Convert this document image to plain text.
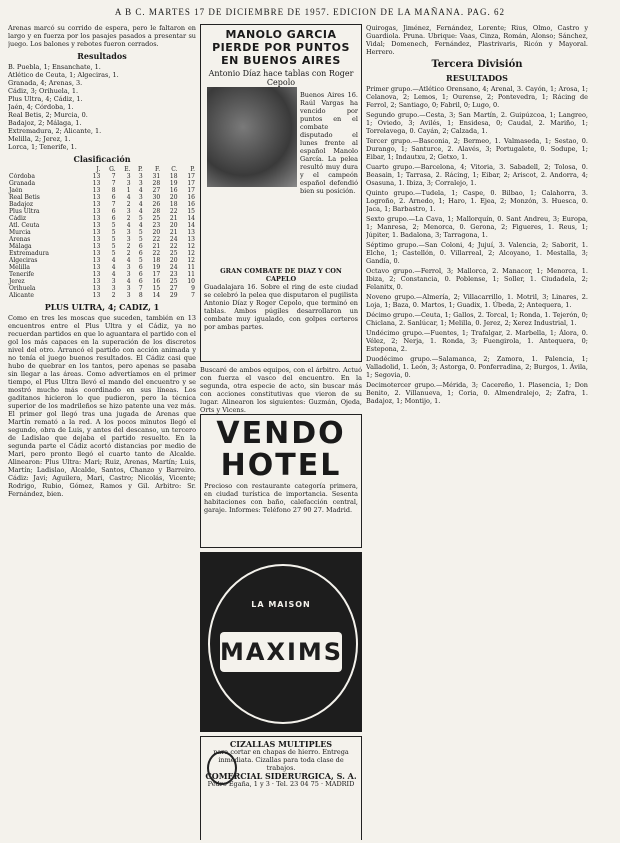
A B C. MARTES 17 DE DICIEMBRE DE 1957. EDICION DE LA MAÑANA. PAG. 62

Arenas marcó su corrido de espera, pero le faltaron en largo y en fuerza por los pasajes pasados a presentar su juego. Los balones y rebotes fueron cerrados.

Resultados
B. Puebla, 1; Ensanchate, 1.
Atlético de Ceuta, 1; Algeciras, 1.
Granada, 4; Arenas, 3.
Cádiz, 3; Orihuela, 1.
Plus Ultra, 4; Cádiz, 1.
Jaén, 4; Córdoba, 1.
Real Betis, 2; Murcia, 0.
Badajoz, 2; Málaga, 1.
Extremadura, 2; Alicante, 1.
Melilla, 2; Jerez, 1.
Lorca, 1; Tenerife, 1.
Clasificación
	J.	G.	E.	P.	F.	C.	P.
Córdoba	13	7	3	3	31	18	17
Granada	13	7	3	3	28	19	17
Jaén	13	8	1	4	27	16	17
Real Betis	13	6	4	3	30	20	16
Badajoz	13	7	2	4	26	18	16
Plus Ultra	13	6	3	4	28	22	15
Cádiz	13	6	2	5	25	21	14
Atl. Ceuta	13	5	4	4	23	20	14
Murcia	13	5	3	5	20	21	13
Arenas	13	5	3	5	22	24	13
Málaga	13	5	2	6	21	22	12
Extremadura	13	5	2	6	22	25	12
Algeciras	13	4	4	5	18	20	12
Melilla	13	4	3	6	19	24	11
Tenerife	13	4	3	6	17	23	11
Jerez	13	3	4	6	16	25	10
Orihuela	13	3	3	7	15	27	9
Alicante	13	2	3	8	14	29	7
PLUS ULTRA, 4; CADIZ, 1

Como en tres les moscas que suceden, también en 13 encuentros entre el Plus Ultra y el Cádiz, ya no recuerdan partidos en que lo aguantara el partido con el gol los más capaces en la superación de los discretos nivel del otro. Arrancó el partido con acción animada y no tenía el juego buenos resultados. El Cádiz casi que hubo de quebrar en los tantos, pero apenas se pasaba sin llegar a las áreas. Como advertíamos en el primer tiempo, el Plus Ultra llevó el mando del encuentro y se mostró mucho más coordinado en sus líneas. Los gaditanos hicieron lo que pudieron, pero la técnica superior de los madrileños se hizo patente una vez más. El primer gol llegó tras una jugada de Arenas que Martín remató a la red. A los pocos minutos llegó el segundo, obra de Luis, y antes del descanso, un tercero de Ladislao que dejaba el partido resuelto. En la segunda parte el Cádiz acortó distancias por medio de Mari, pero pronto llegó el cuarto tanto de Alcalde. Alinearon: Plus Ultra: Mari; Ruiz, Arenas, Martín; Luis, Martín; Ladislao, Alcalde, Santos, Chanzo y Barreiro. Cádiz: Javi; Aguilera, Mari, Castro; Nicolás, Vicente; Rodrigo, Rubio, Gómez, Ramos y Gil. Arbitro: Sr. Fernández, bien.

MANOLO GARCIA PIERDE POR PUNTOS EN BUENOS AIRES
Antonio Díaz hace tablas con Roger Cepolo

Buenos Aires 16. Raúl Vargas ha vencido por puntos en el combate disputado el lunes frente al español Manolo García. La pelea resultó muy dura y el campeón español defendió bien su posición.

GRAN COMBATE DE DIAZ Y CON CAPELO

Guadalajara 16. Sobre el ring de este ciudad se celebró la pelea que disputaron el pugilista Antonio Díaz y Roger Cepolo, que terminó en tablas. Ambos púgiles desarrollaron un combate muy igualado, con golpes certeros por ambas partes.

Buscaré de ambos equipos, con el árbitro. Actuó con fuerza el vasco del encuentro. En la segunda, otra especie de acto, sin buscar más con acciones constitutivas que vieron de su lugar. Alinearon los siguientes: Guzmán, Ojeda, Orts y Vicens.

VENDO HOTEL

Precioso con restaurante categoría primera, en ciudad turística de importancia. Sesenta habitaciones con baño, calefacción central, garaje. Informes: Teléfono 27 90 27. Madrid.

LA MAISON
MAXIMS
CIZALLAS MULTIPLES
para cortar en chapas de hierro. Entrega inmediata. Cizallas para toda clase de trabajos.
COMERCIAL SIDERURGICA, S. A.
Pedro Egaña, 1 y 3 · Tel. 23 04 75 · MADRID

Quirogas, Jiménez, Fernández, Lorente; Rius, Olmo, Castro y Guardiola. Pruna. Ubrique: Vaas, Cinza, Román, Alonso; Sánchez, Vidal; Domenech, Fernández, Plastrivaris, Ricón y Mayoral. Herrero.

Tercera División
RESULTADOS

Primer grupo.—Atlético Orensano, 4; Arenal, 3. Cayón, 1; Arosa, 1; Celanova, 2; Lemos, 1; Ourense, 2; Pontevedra, 1; Rácing de Ferrol, 2; Santiago, 0; Fabril, 0; Lugo, 0.

Segundo grupo.—Cesta, 3; San Martín, 2. Guipúzcoa, 1; Langreo, 1; Oviedo, 3; Avilés, 1; Ensidesa, 0; Caudal, 2. Mariño, 1; Torrelavega, 0. Cayán, 2; Calzada, 1.

Tercer grupo.—Basconia, 2; Bermeo, 1. Valmaseda, 1; Sestao, 0. Durango, 1; Santurce, 2. Alavés, 3; Portugalete, 0. Sodupe, 1; Eibar, 1; Indautxu, 2; Getxo, 1.

Cuarto grupo.—Barcelona, 4; Vitoria, 3. Sabadell, 2; Tolosa, 0. Beasain, 1; Tarrasa, 2. Rácing, 1; Eibar, 2; Ariscot, 2. Andorra, 4; Osasuna, 1. Ibiza, 3; Corralejo, 1.

Quinto grupo.—Tudela, 1; Caspe, 0. Bilbao, 1; Calahorra, 3. Logroño, 2. Arnedo, 1; Haro, 1. Ejea, 2; Monzón, 3. Huesca, 0. Jaca, 1; Barbastro, 1.

Sexto grupo.—La Cava, 1; Mallorquín, 0. Sant Andreu, 3; Europa, 1; Manresa, 2; Menorca, 0. Gerona, 2; Figueres, 1. Reus, 1; Júpiter, 1. Badalona, 3; Tarragona, 1.

Séptimo grupo.—San Coloni, 4; Jujuí, 3. Valencia, 2; Saborit, 1. Elche, 1; Castellón, 0. Villarreal, 2; Alcoyano, 1. Mestalla, 3; Gandía, 0.

Octavo grupo.—Ferrol, 3; Mallorca, 2. Manacor, 1; Menorca, 1. Ibiza, 2; Constancia, 0. Poblense, 1; Soller, 1. Ciudadela, 2; Felanitx, 0.

Noveno grupo.—Almería, 2; Villacarrillo, 1. Motril, 3; Linares, 2. Loja, 1; Baza, 0. Martos, 1; Guadix, 1. Úbeda, 2; Antequera, 1.

Décimo grupo.—Ceuta, 1; Gallos, 2. Torcal, 1; Ronda, 1. Tejerón, 0; Chiclana, 2. Sanlúcar, 1; Melilla, 0. Jerez, 2; Xerez Industrial, 1.

Undécimo grupo.—Fuentes, 1; Trafalgar, 2. Marbella, 1; Álora, 0. Vélez, 2; Nerja, 1. Ronda, 3; Fuengirola, 1. Antequera, 0; Estepona, 2.

Duodécimo grupo.—Salamanca, 2; Zamora, 1. Palencia, 1; Valladolid, 1. León, 3; Astorga, 0. Ponferradina, 2; Burgos, 1. Ávila, 1; Segovia, 0.

Decimotercer grupo.—Mérida, 3; Cacereño, 1. Plasencia, 1; Don Benito, 2. Villanueva, 1; Coria, 0. Almendralejo, 2; Zafra, 1. Badajoz, 1; Montijo, 1.
